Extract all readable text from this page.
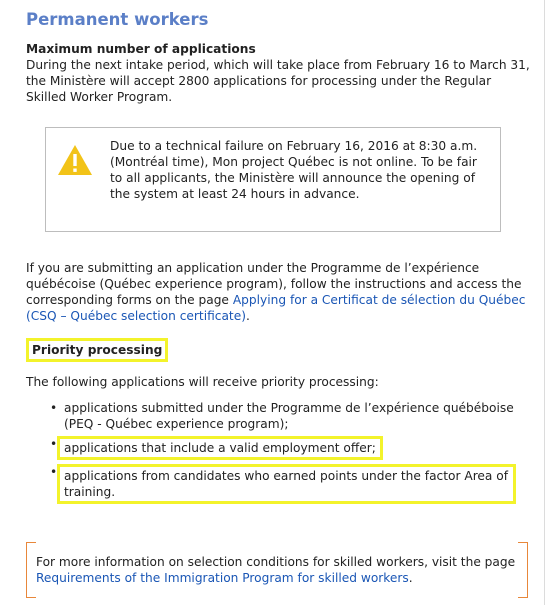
Permanent workers

Maximum number of applications

During the next intake period, which will take place from February 16 to March 31, the Ministère will accept 2800 applications for processing under the Regular Skilled Worker Program.

Due to a technical failure on February 16, 2016 at 8:30 a.m. (Montréal time), Mon project Québec is not online. To be fair to all applicants, the Ministère will announce the opening of the system at least 24 hours in advance.

If you are submitting an application under the Programme de l’expérience québécoise (Québec experience program), follow the instructions and access the corresponding forms on the page Applying for a Certificat de sélection du Québec (CSQ – Québec selection certificate).

Priority processing

The following applications will receive priority processing:

• applications submitted under the Programme de l’expérience québéboise (PEQ - Québec experience program);
• applications that include a valid employment offer;
• applications from candidates who earned points under the factor Area of training.
For more information on selection conditions for skilled workers, visit the page Requirements of the Immigration Program for skilled workers.
